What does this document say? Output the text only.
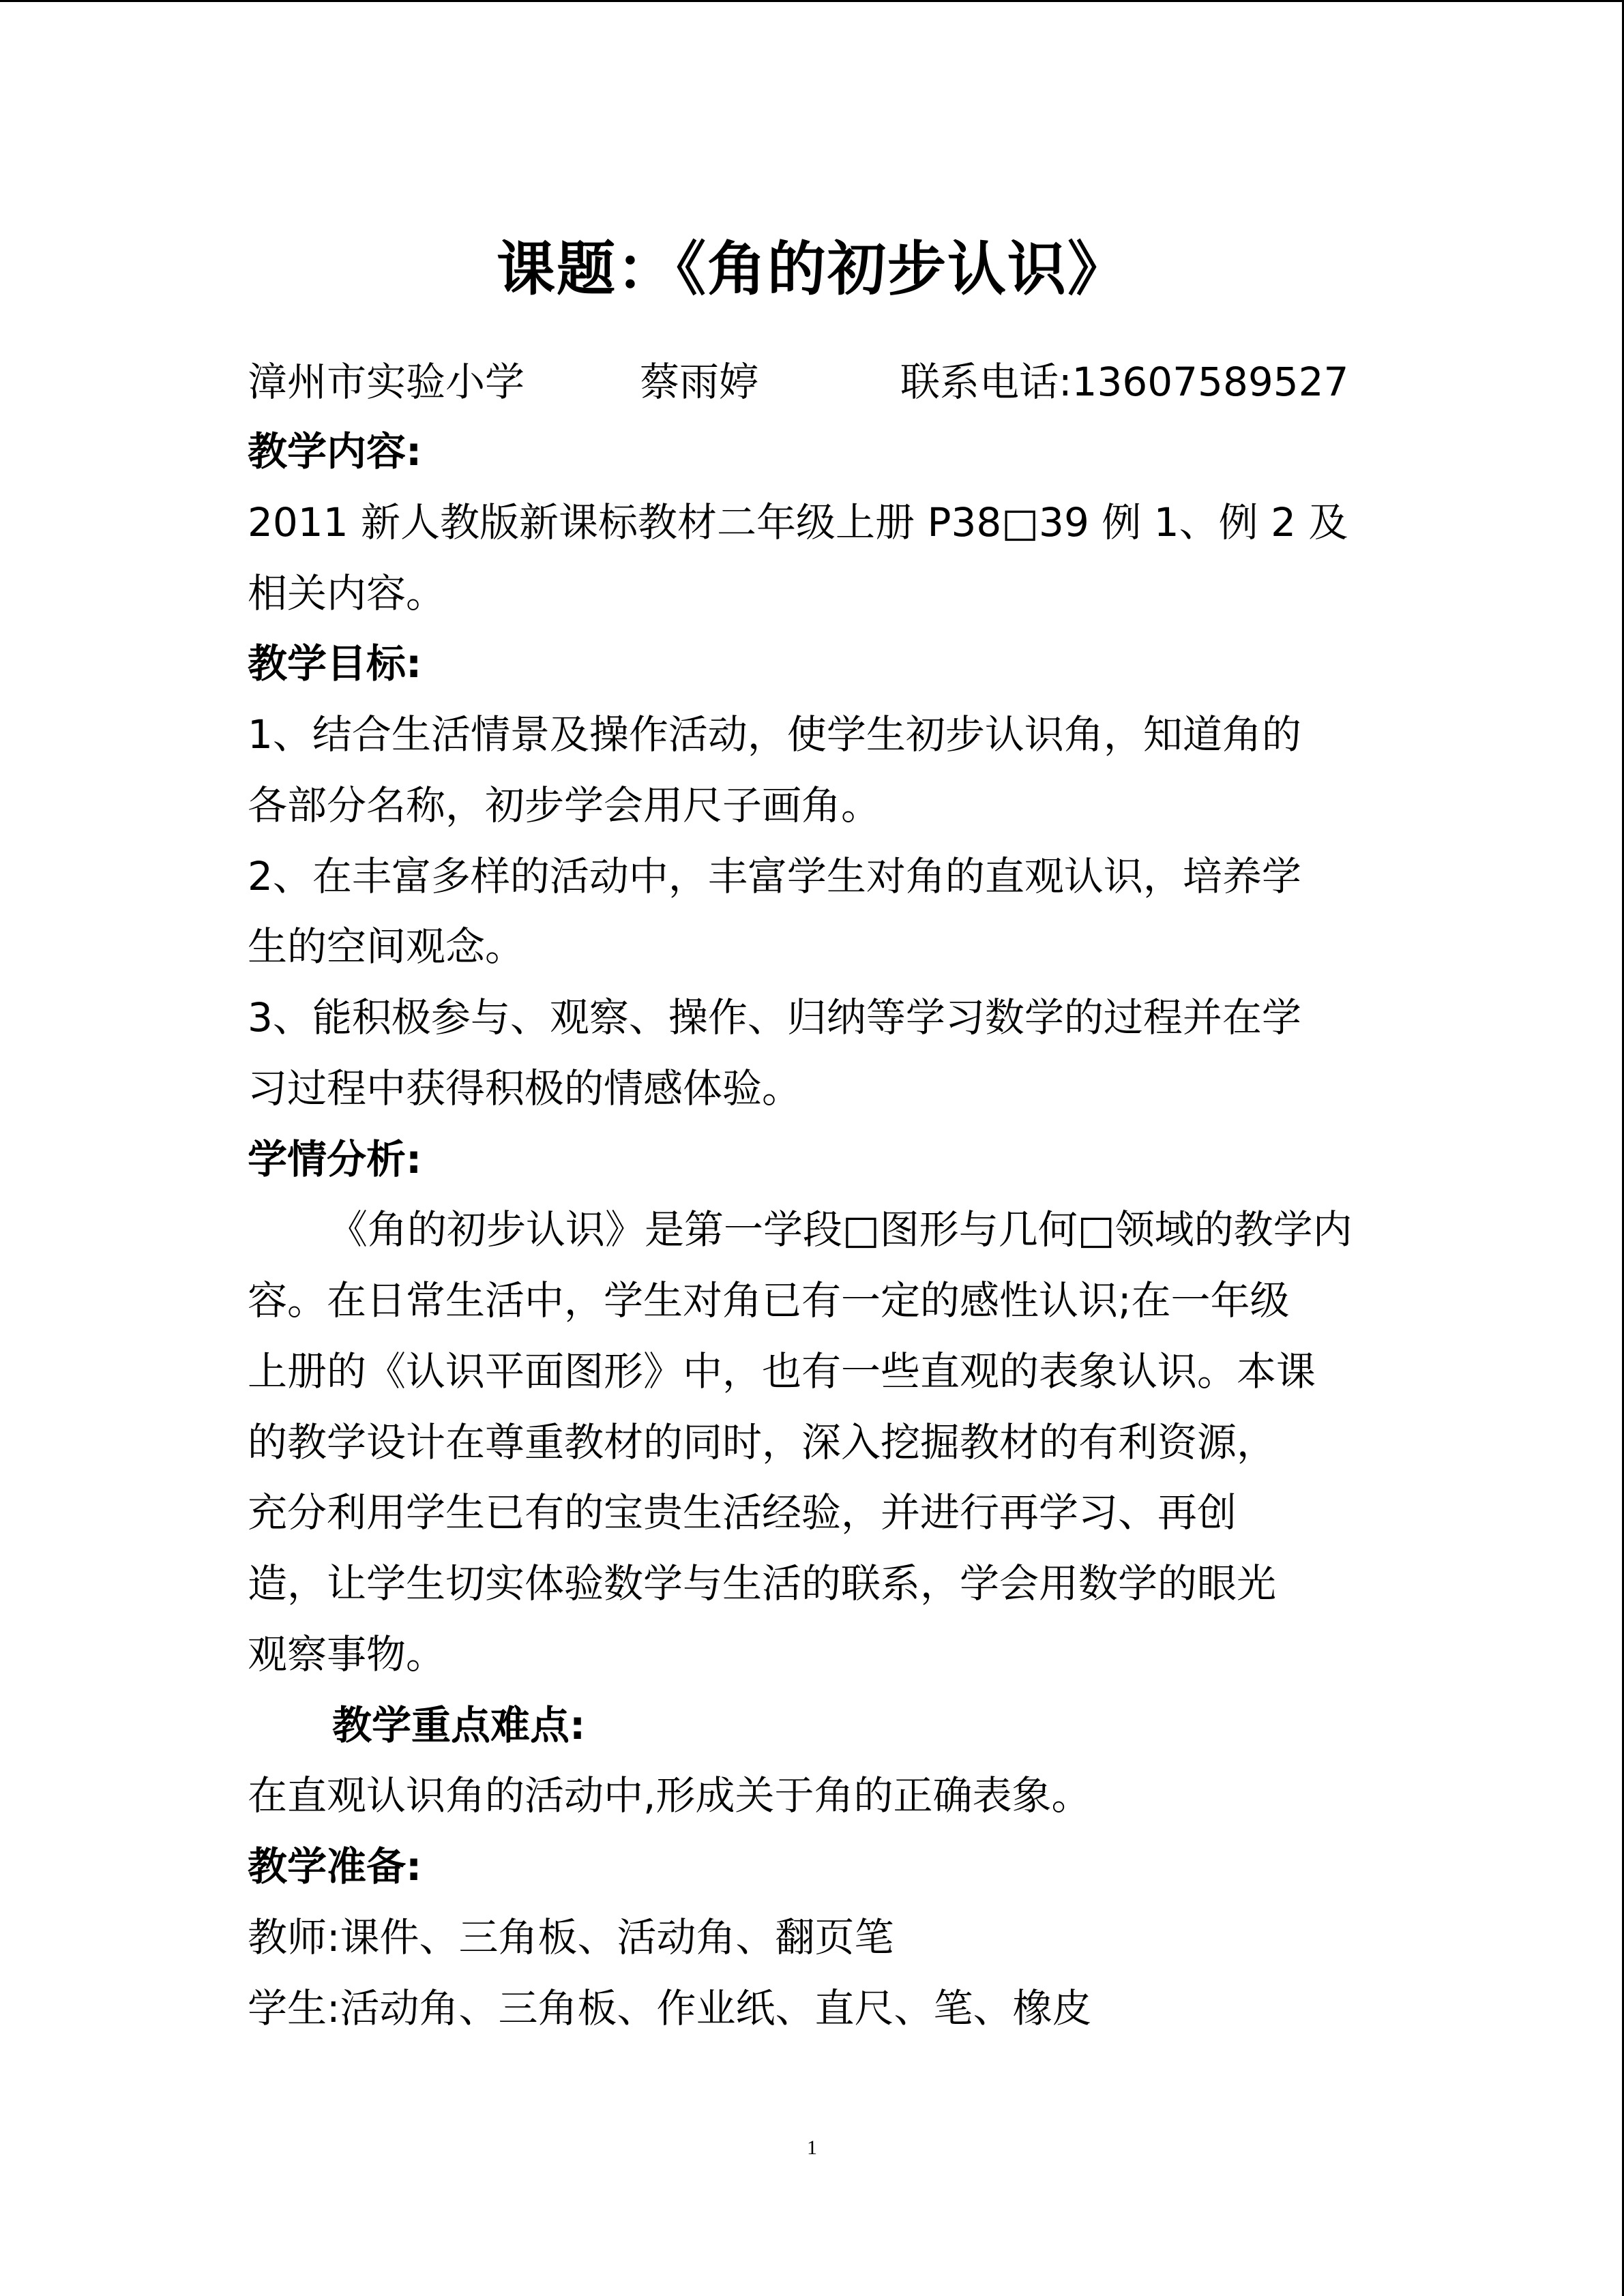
课题：《角的初步认识》
漳州市实验小学	蔡雨婷	联系电话:13607589527
教学内容:
2011 新人教版新课标教材二年级上册 P38□39 例 1、例 2 及
相关内容。
教学目标:
1、结合生活情景及操作活动，使学生初步认识角，知道角的
各部分名称，初步学会用尺子画角。
2、在丰富多样的活动中，丰富学生对角的直观认识，培养学
生的空间观念。
3、能积极参与、观察、操作、归纳等学习数学的过程并在学
习过程中获得积极的情感体验。
学情分析:
《角的初步认识》是第一学段□图形与几何□领域的教学内
容。在日常生活中，学生对角已有一定的感性认识;在一年级
上册的《认识平面图形》中，也有一些直观的表象认识。本课
的教学设计在尊重教材的同时，深入挖掘教材的有利资源，
充分利用学生已有的宝贵生活经验，并进行再学习、再创
造，让学生切实体验数学与生活的联系，学会用数学的眼光
观察事物。
教学重点难点:
在直观认识角的活动中,形成关于角的正确表象。
教学准备:
教师:课件、三角板、活动角、翻页笔
学生:活动角、三角板、作业纸、直尺、笔、橡皮
1
